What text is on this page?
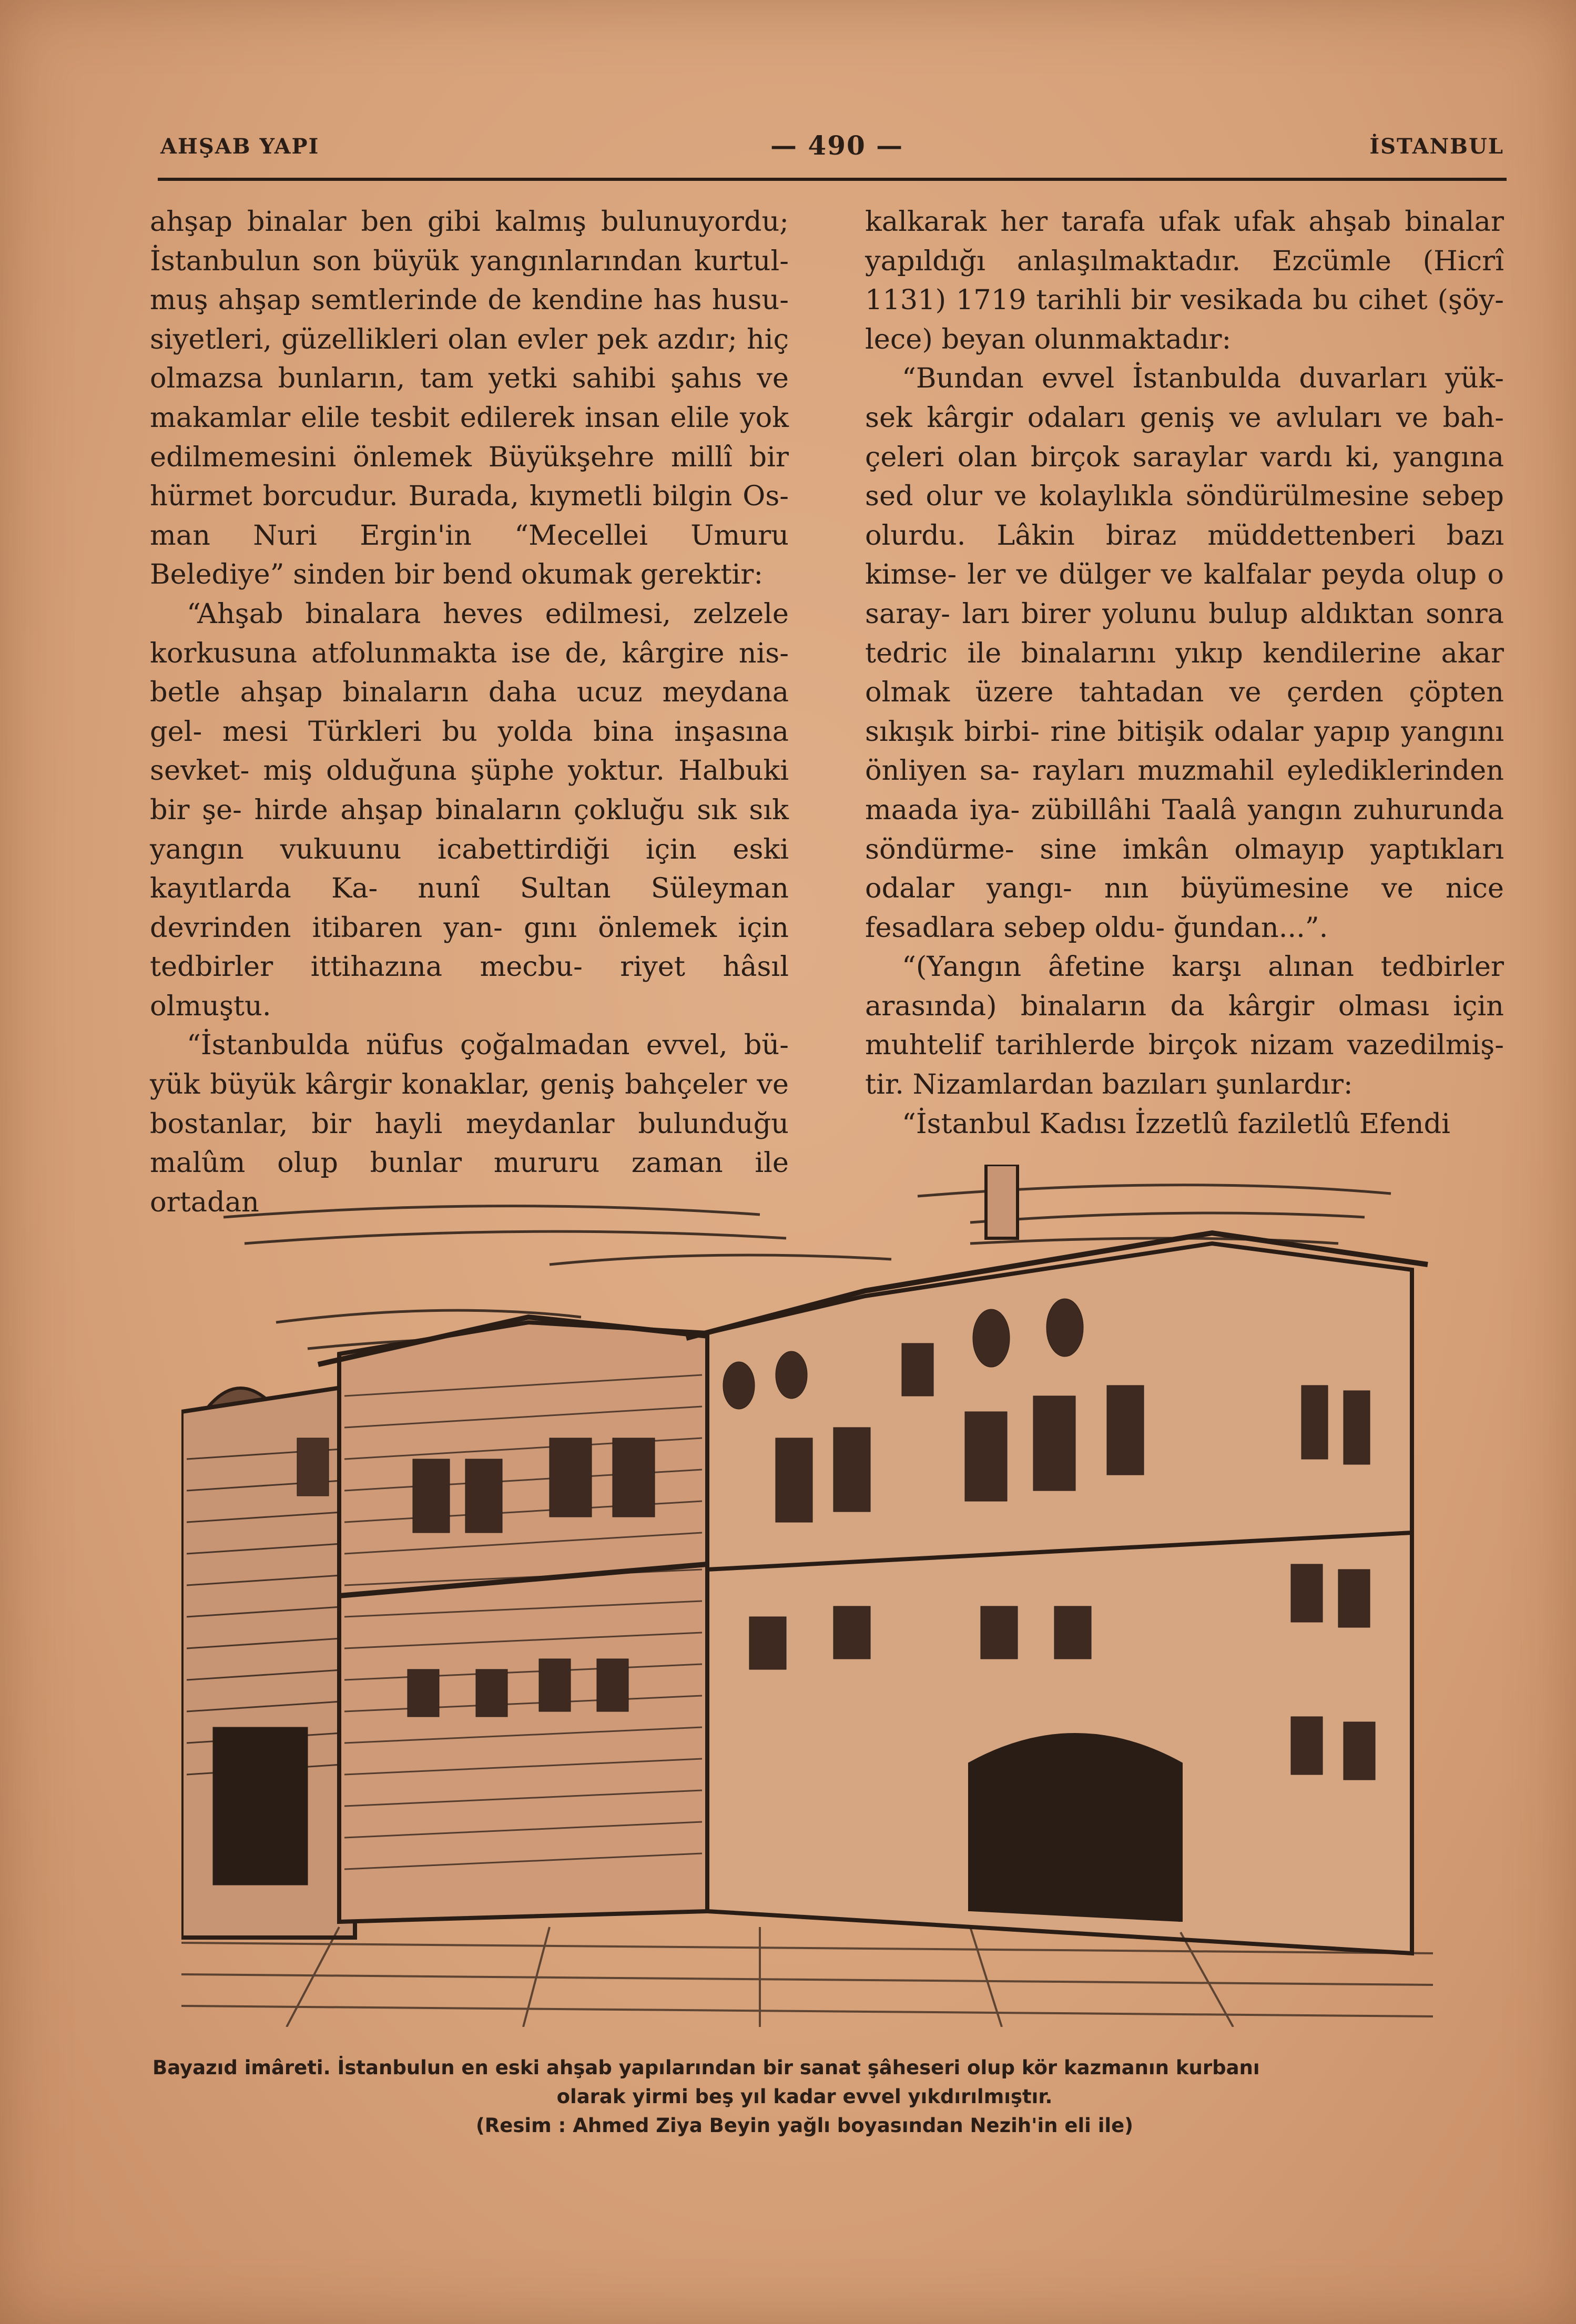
AHŞAB YAPI	— 490 —	İSTANBUL

ahşap binalar ben gibi kalmış bulunuyordu; İstanbulun son büyük yangınlarından kurtul- muş ahşap semtlerinde de kendine has husu- siyetleri, güzellikleri olan evler pek azdır; hiç olmazsa bunların, tam yetki sahibi şahıs ve makamlar elile tesbit edilerek insan elile yok edilmemesini önlemek Büyükşehre millî bir hürmet borcudur. Burada, kıymetli bilgin Os- man Nuri Ergin'in “Mecellei Umuru Belediye” sinden bir bend okumak gerektir:

“Ahşab binalara heves edilmesi, zelzele korkusuna atfolunmakta ise de, kârgire nis- betle ahşap binaların daha ucuz meydana gel- mesi Türkleri bu yolda bina inşasına sevket- miş olduğuna şüphe yoktur. Halbuki bir şe- hirde ahşap binaların çokluğu sık sık yangın vukuunu icabettirdiği için eski kayıtlarda Ka- nunî Sultan Süleyman devrinden itibaren yan- gını önlemek için tedbirler ittihazına mecbu- riyet hâsıl olmuştu.

“İstanbulda nüfus çoğalmadan evvel, bü- yük büyük kârgir konaklar, geniş bahçeler ve bostanlar, bir hayli meydanlar bulunduğu malûm olup bunlar mururu zaman ile ortadan

kalkarak her tarafa ufak ufak ahşab binalar yapıldığı anlaşılmaktadır. Ezcümle (Hicrî 1131) 1719 tarihli bir vesikada bu cihet (şöy- lece) beyan olunmaktadır:

“Bundan evvel İstanbulda duvarları yük- sek kârgir odaları geniş ve avluları ve bah- çeleri olan birçok saraylar vardı ki, yangına sed olur ve kolaylıkla söndürülmesine sebep olurdu. Lâkin biraz müddettenberi bazı kimse- ler ve dülger ve kalfalar peyda olup o saray- ları birer yolunu bulup aldıktan sonra tedric ile binalarını yıkıp kendilerine akar olmak üzere tahtadan ve çerden çöpten sıkışık birbi- rine bitişik odalar yapıp yangını önliyen sa- rayları muzmahil eylediklerinden maada iya- zübillâhi Taalâ yangın zuhurunda söndürme- sine imkân olmayıp yaptıkları odalar yangı- nın büyümesine ve nice fesadlara sebep oldu- ğundan...”.

“(Yangın âfetine karşı alınan tedbirler arasında) binaların da kârgir olması için muhtelif tarihlerde birçok nizam vazedilmiş- tir. Nizamlardan bazıları şunlardır:

“İstanbul Kadısı İzzetlû faziletlû Efendi

Bayazıd imâreti. İstanbulun en eski ahşab yapılarından bir sanat şâheseri olup kör kazmanın kurbanı
olarak yirmi beş yıl kadar evvel yıkdırılmıştır.
(Resim : Ahmed Ziya Beyin yağlı boyasından Nezih'in eli ile)
